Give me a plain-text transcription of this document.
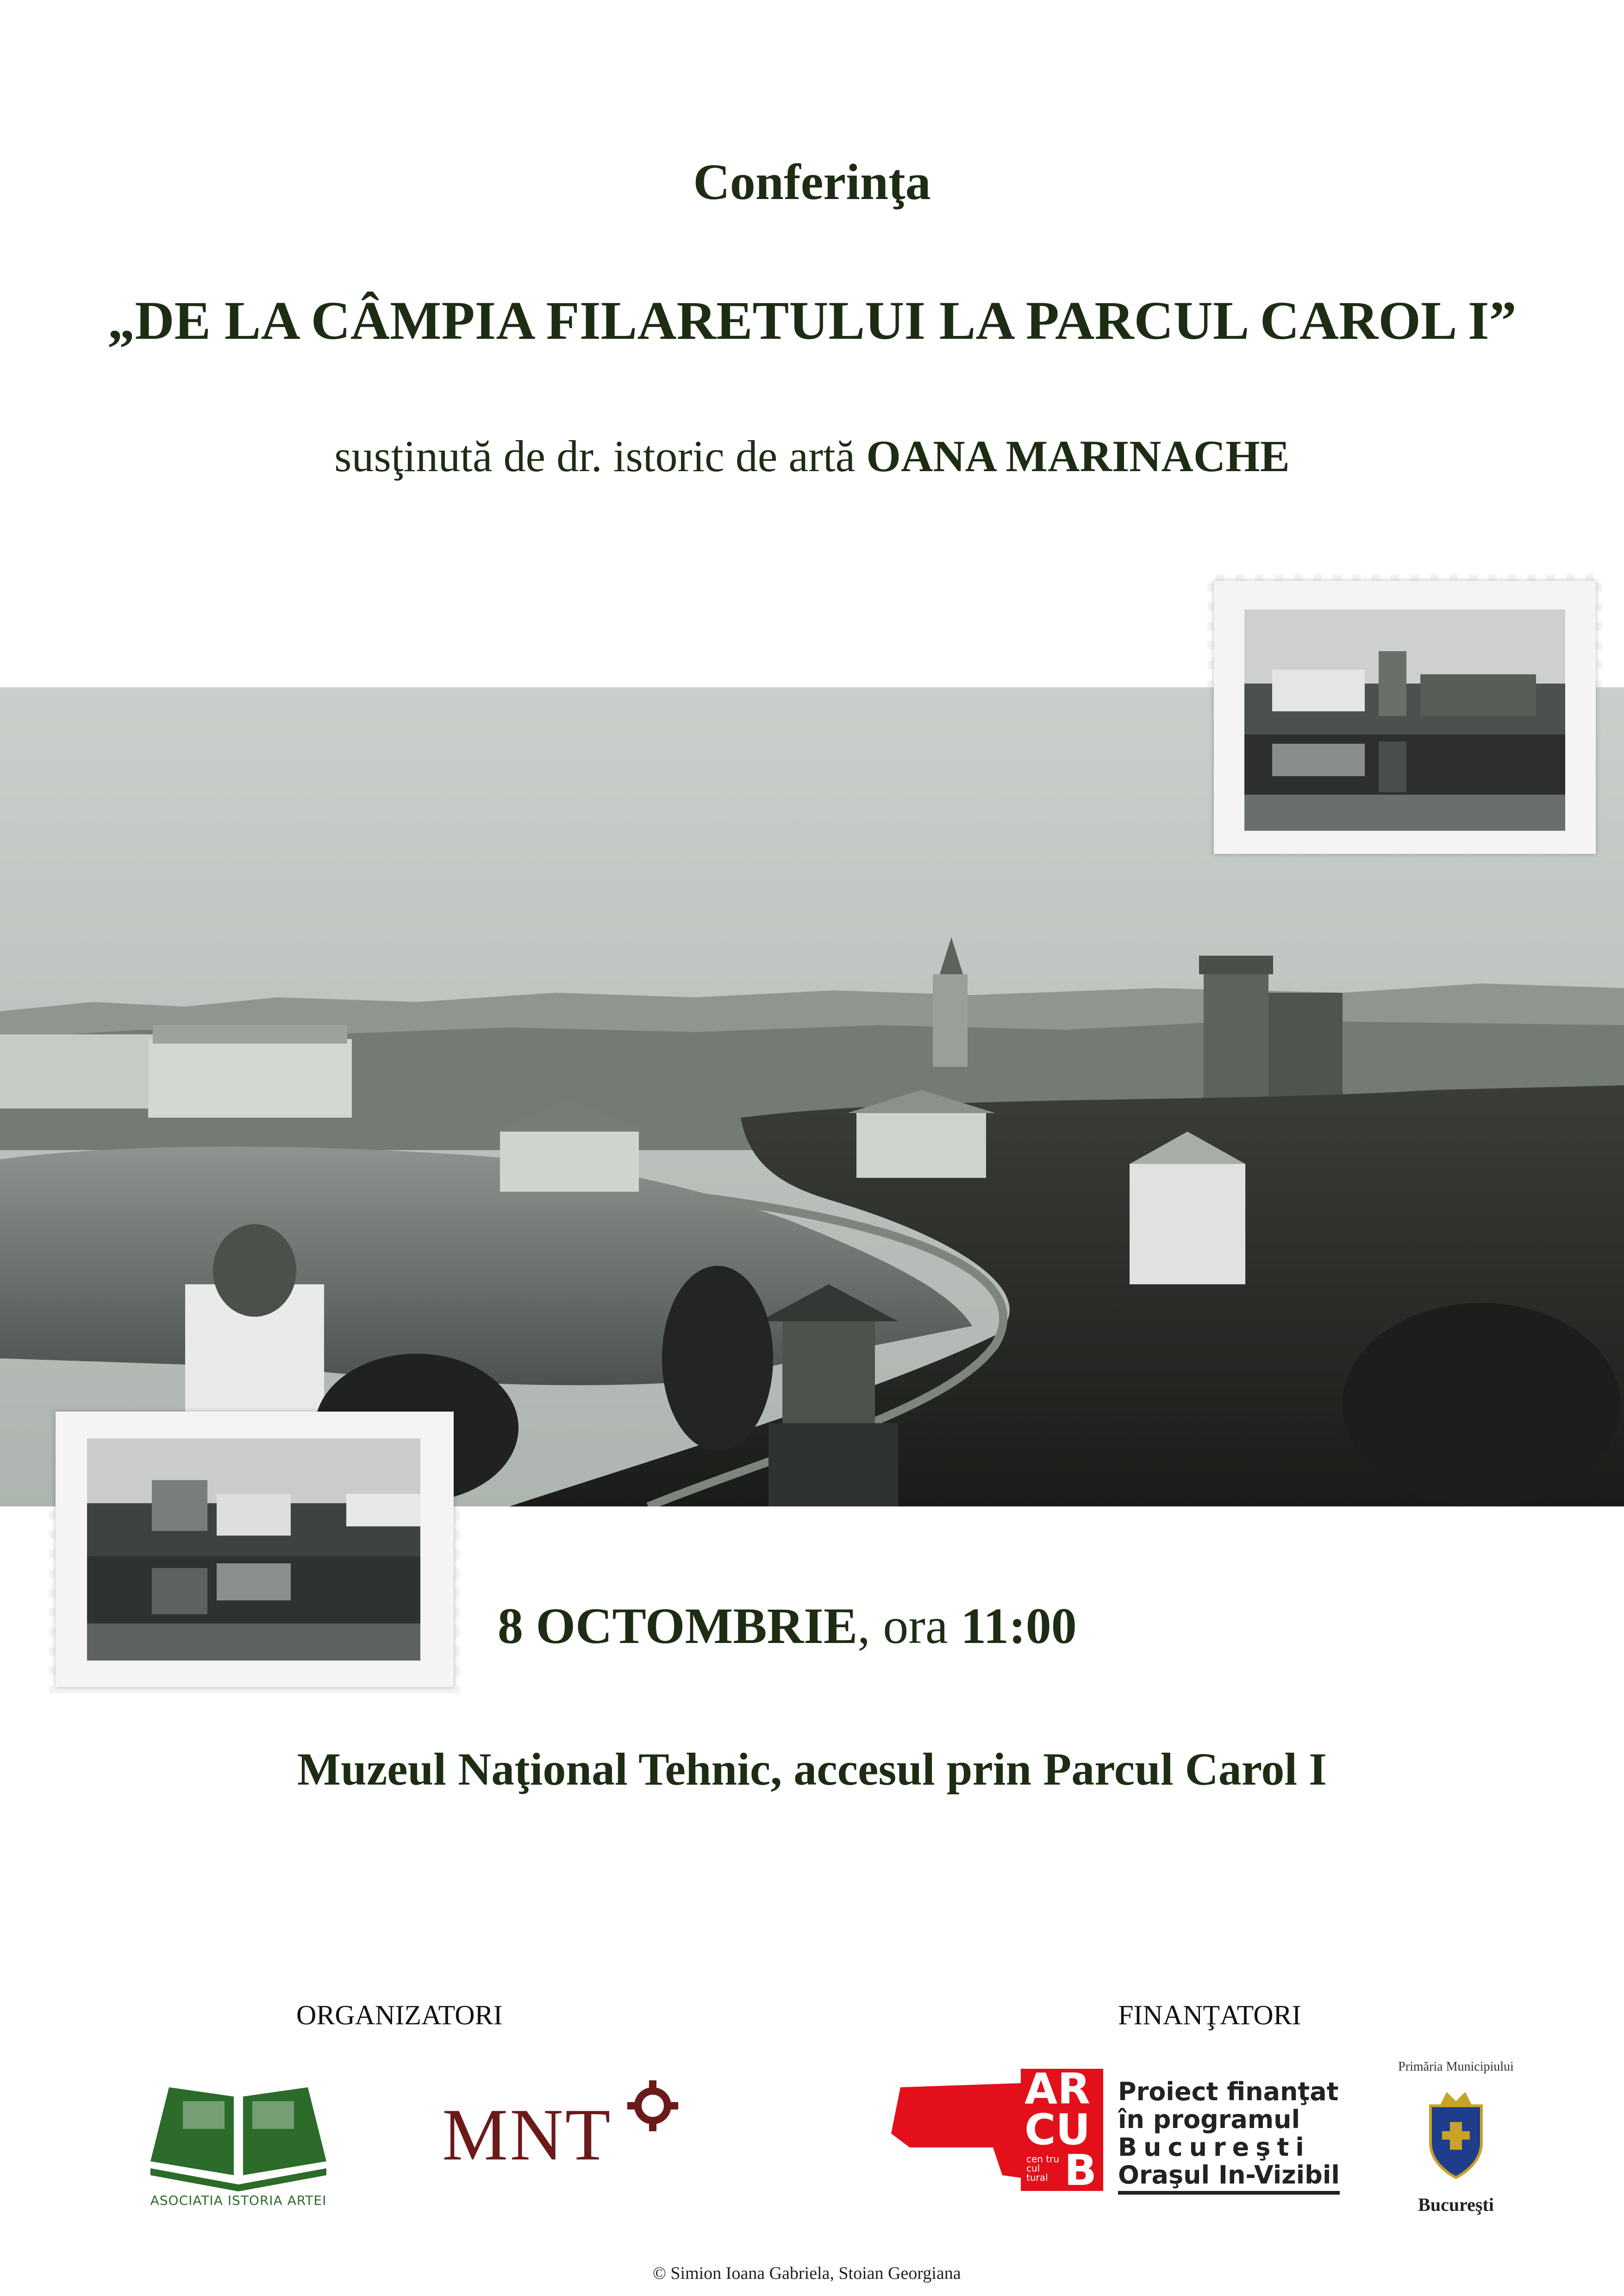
Conferinţa
„DE LA CÂMPIA FILARETULUI LA PARCUL CAROL I”
susţinută de dr. istoric de artă OANA MARINACHE
8 OCTOMBRIE, ora 11:00
Muzeul Naţional Tehnic, accesul prin Parcul Carol I
ORGANIZATORI	FINANŢATORI
ASOCIATIA ISTORIA ARTEI
MNT
AR
CU
B
cen tru cul tural
Proiect finanţat
în programul
Bucureşti
Oraşul In-Vizibil
Primăria Municipiului
Bucureşti
© Simion Ioana Gabriela, Stoian Georgiana
